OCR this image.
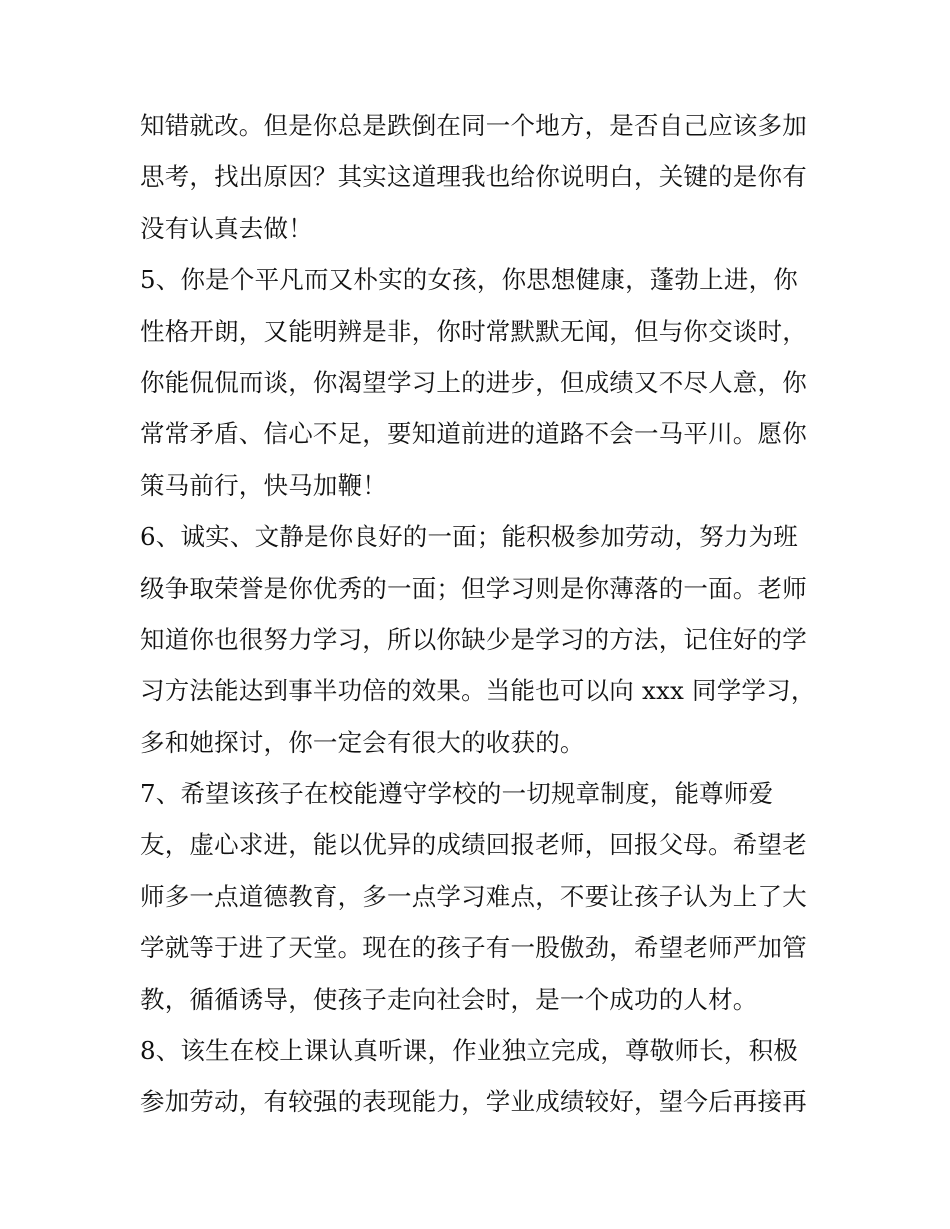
知错就改。但是你总是跌倒在同一个地方，是否自己应该多加
思考，找出原因？其实这道理我也给你说明白，关键的是你有
没有认真去做！
5、你是个平凡而又朴实的女孩，你思想健康，蓬勃上进，你
性格开朗，又能明辨是非，你时常默默无闻，但与你交谈时，
你能侃侃而谈，你渴望学习上的进步，但成绩又不尽人意，你
常常矛盾、信心不足，要知道前进的道路不会一马平川。愿你
策马前行，快马加鞭！
6、诚实、文静是你良好的一面；能积极参加劳动，努力为班
级争取荣誉是你优秀的一面；但学习则是你薄落的一面。老师
知道你也很努力学习，所以你缺少是学习的方法，记住好的学
习方法能达到事半功倍的效果。当能也可以向 xxx 同学学习，
多和她探讨，你一定会有很大的收获的。
7、希望该孩子在校能遵守学校的一切规章制度，能尊师爱
友，虚心求进，能以优异的成绩回报老师，回报父母。希望老
师多一点道德教育，多一点学习难点，不要让孩子认为上了大
学就等于进了天堂。现在的孩子有一股傲劲，希望老师严加管
教，循循诱导，使孩子走向社会时，是一个成功的人材。
8、该生在校上课认真听课，作业独立完成，尊敬师长，积极
参加劳动，有较强的表现能力，学业成绩较好，望今后再接再
